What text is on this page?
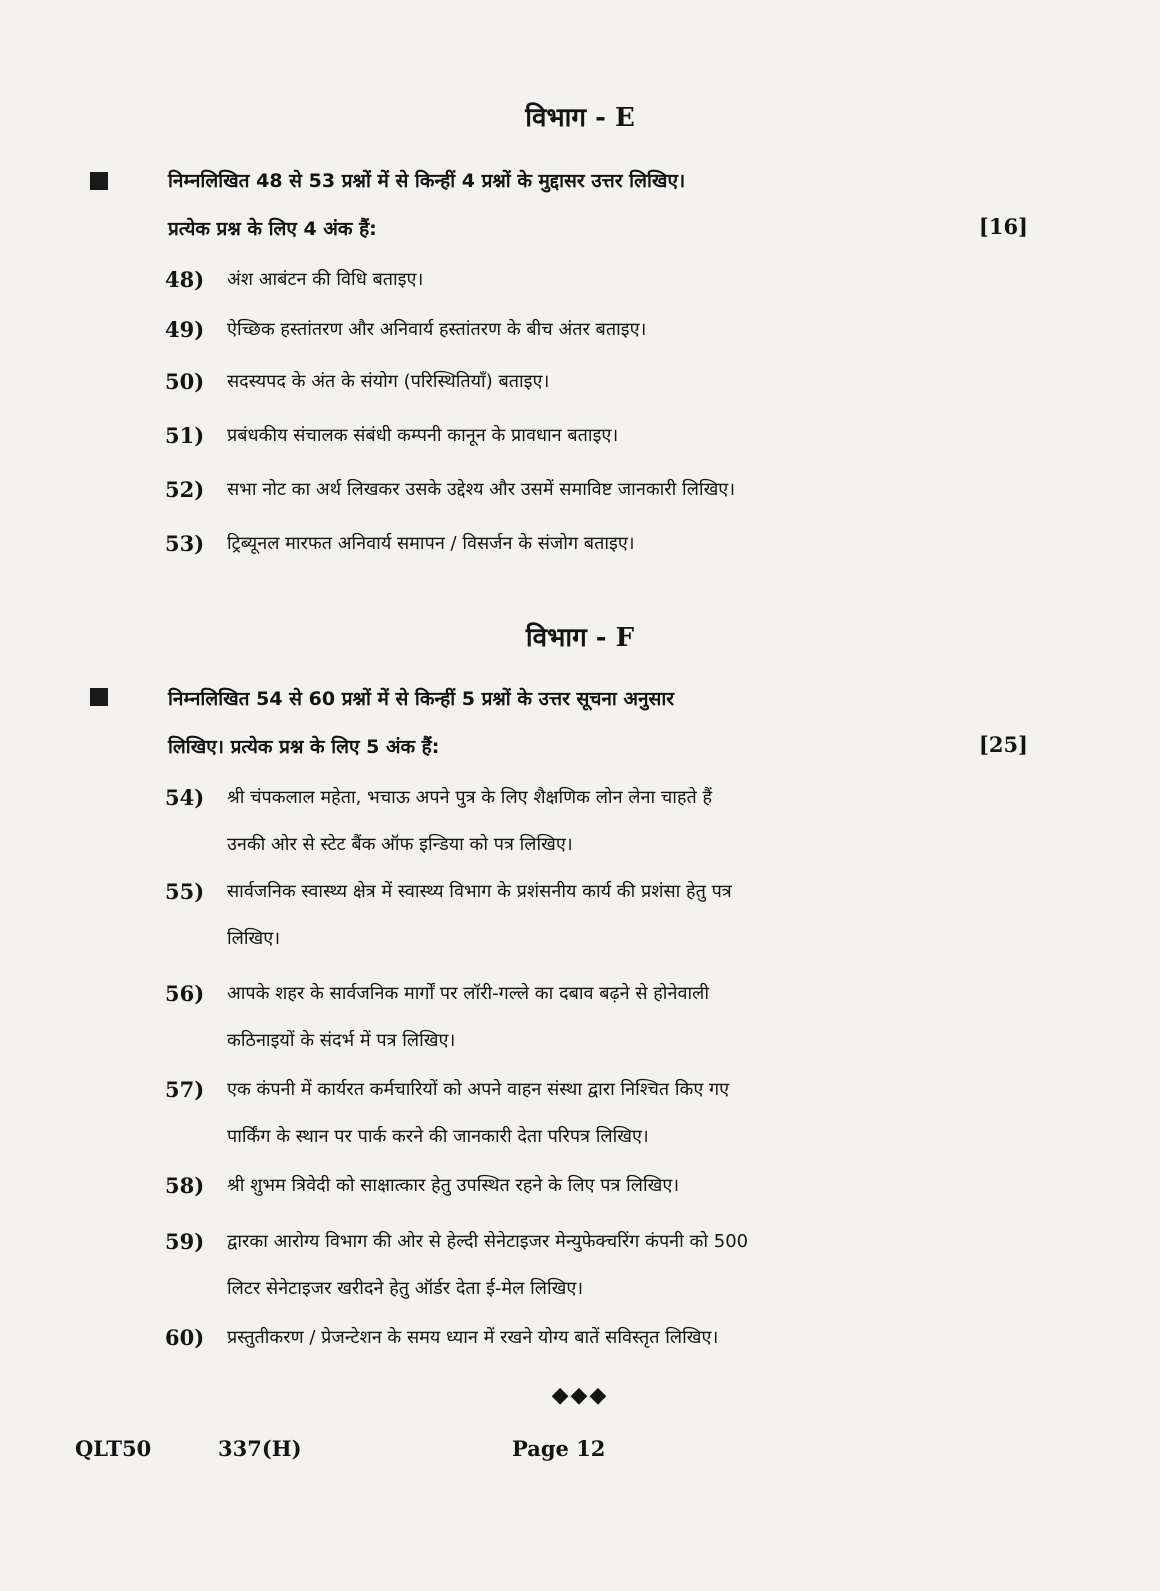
विभाग - E
निम्नलिखित 48 से 53 प्रश्नों में से किन्हीं 4 प्रश्नों के मुद्दासर उत्तर लिखिए।
प्रत्येक प्रश्न के लिए 4 अंक हैं:	[16]
48)	अंश आबंटन की विधि बताइए।
49)	ऐच्छिक हस्तांतरण और अनिवार्य हस्तांतरण के बीच अंतर बताइए।
50)	सदस्यपद के अंत के संयोग (परिस्थितियाँ) बताइए।
51)	प्रबंधकीय संचालक संबंधी कम्पनी कानून के प्रावधान बताइए।
52)	सभा नोट का अर्थ लिखकर उसके उद्देश्य और उसमें समाविष्ट जानकारी लिखिए।
53)	ट्रिब्यूनल मारफत अनिवार्य समापन / विसर्जन के संजोग बताइए।
विभाग - F
निम्नलिखित 54 से 60 प्रश्नों में से किन्हीं 5 प्रश्नों के उत्तर सूचना अनुसार
लिखिए। प्रत्येक प्रश्न के लिए 5 अंक हैं:	[25]
54)	श्री चंपकलाल महेता, भचाऊ अपने पुत्र के लिए शैक्षणिक लोन लेना चाहते हैं
उनकी ओर से स्टेट बैंक ऑफ इन्डिया को पत्र लिखिए।
55)	सार्वजनिक स्वास्थ्य क्षेत्र में स्वास्थ्य विभाग के प्रशंसनीय कार्य की प्रशंसा हेतु पत्र
लिखिए।
56)	आपके शहर के सार्वजनिक मार्गों पर लॉरी-गल्ले का दबाव बढ़ने से होनेवाली
कठिनाइयों के संदर्भ में पत्र लिखिए।
57)	एक कंपनी में कार्यरत कर्मचारियों को अपने वाहन संस्था द्वारा निश्चित किए गए
पार्किंग के स्थान पर पार्क करने की जानकारी देता परिपत्र लिखिए।
58)	श्री शुभम त्रिवेदी को साक्षात्कार हेतु उपस्थित रहने के लिए पत्र लिखिए।
59)	द्वारका आरोग्य विभाग की ओर से हेल्दी सेनेटाइजर मेन्युफेक्चरिंग कंपनी को 500
लिटर सेनेटाइजर खरीदने हेतु ऑर्डर देता ई-मेल लिखिए।
60)	प्रस्तुतीकरण / प्रेजन्टेशन के समय ध्यान में रखने योग्य बातें सविस्तृत लिखिए।
◆◆◆
QLT50	337(H)	Page 12
